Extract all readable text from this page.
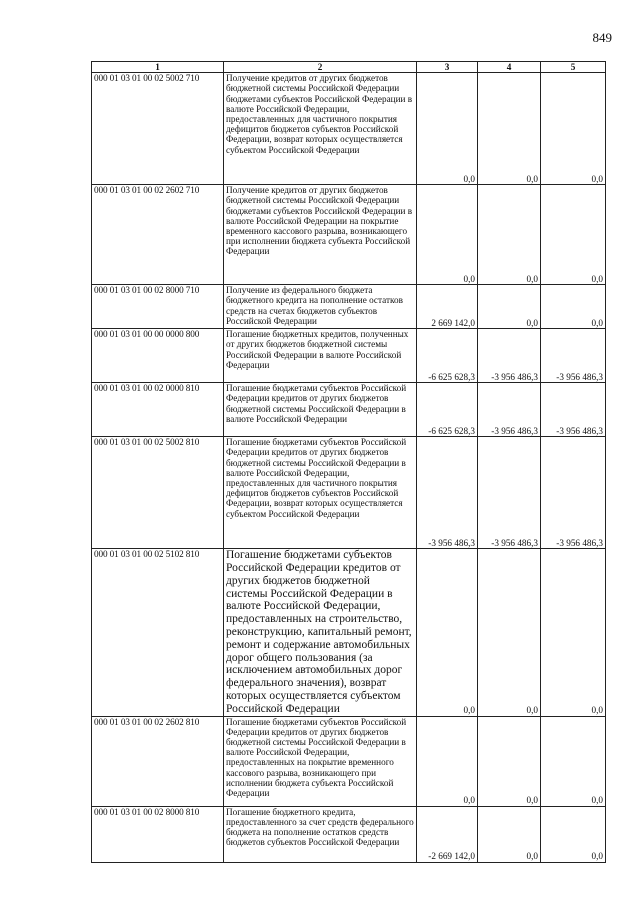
849
1	2	3	4	5
000 01 03 01 00 02 5002 710	Получение кредитов от других бюджетов бюджетной системы Российской Федерации бюджетами субъектов Российской Федерации в валюте Российской Федерации, предоставленных для частичного покрытия дефицитов бюджетов субъектов Российской Федерации, возврат которых осуществляется субъектом Российской Федерации	0,0	0,0	0,0
000 01 03 01 00 02 2602 710	Получение кредитов от других бюджетов бюджетной системы Российской Федерации бюджетами субъектов Российской Федерации в валюте Российской Федерации на покрытие временного кассового разрыва, возникающего при исполнении бюджета субъекта Российской Федерации	0,0	0,0	0,0
000 01 03 01 00 02 8000 710	Получение из федерального бюджета бюджетного кредита на пополнение остатков средств на счетах бюджетов субъектов Российской Федерации	2 669 142,0	0,0	0,0
000 01 03 01 00 00 0000 800	Погашение бюджетных кредитов, полученных от других бюджетов бюджетной системы Российской Федерации в валюте Российской Федерации	-6 625 628,3	-3 956 486,3	-3 956 486,3
000 01 03 01 00 02 0000 810	Погашение бюджетами субъектов Российской Федерации кредитов от других бюджетов бюджетной системы Российской Федерации в валюте Российской Федерации	-6 625 628,3	-3 956 486,3	-3 956 486,3
000 01 03 01 00 02 5002 810	Погашение бюджетами субъектов Российской Федерации кредитов от других бюджетов бюджетной системы Российской Федерации в валюте Российской Федерации, предоставленных для частичного покрытия дефицитов бюджетов субъектов Российской Федерации, возврат которых осуществляется субъектом Российской Федерации	-3 956 486,3	-3 956 486,3	-3 956 486,3
000 01 03 01 00 02 5102 810	Погашение бюджетами субъектов Российской Федерации кредитов от других бюджетов бюджетной системы Российской Федерации в валюте Российской Федерации, предоставленных на строительство, реконструкцию, капитальный ремонт, ремонт и содержание автомобильных дорог общего пользования (за исключением автомобильных дорог федерального значения), возврат которых осуществляется субъектом Российской Федерации	0,0	0,0	0,0
000 01 03 01 00 02 2602 810	Погашение бюджетами субъектов Российской Федерации кредитов от других бюджетов бюджетной системы Российской Федерации в валюте Российской Федерации, предоставленных на покрытие временного кассового разрыва, возникающего при исполнении бюджета субъекта Российской Федерации	0,0	0,0	0,0
000 01 03 01 00 02 8000 810	Погашение бюджетного кредита, предоставленного за счет средств федерального бюджета на пополнение остатков средств бюджетов субъектов Российской Федерации	-2 669 142,0	0,0	0,0
